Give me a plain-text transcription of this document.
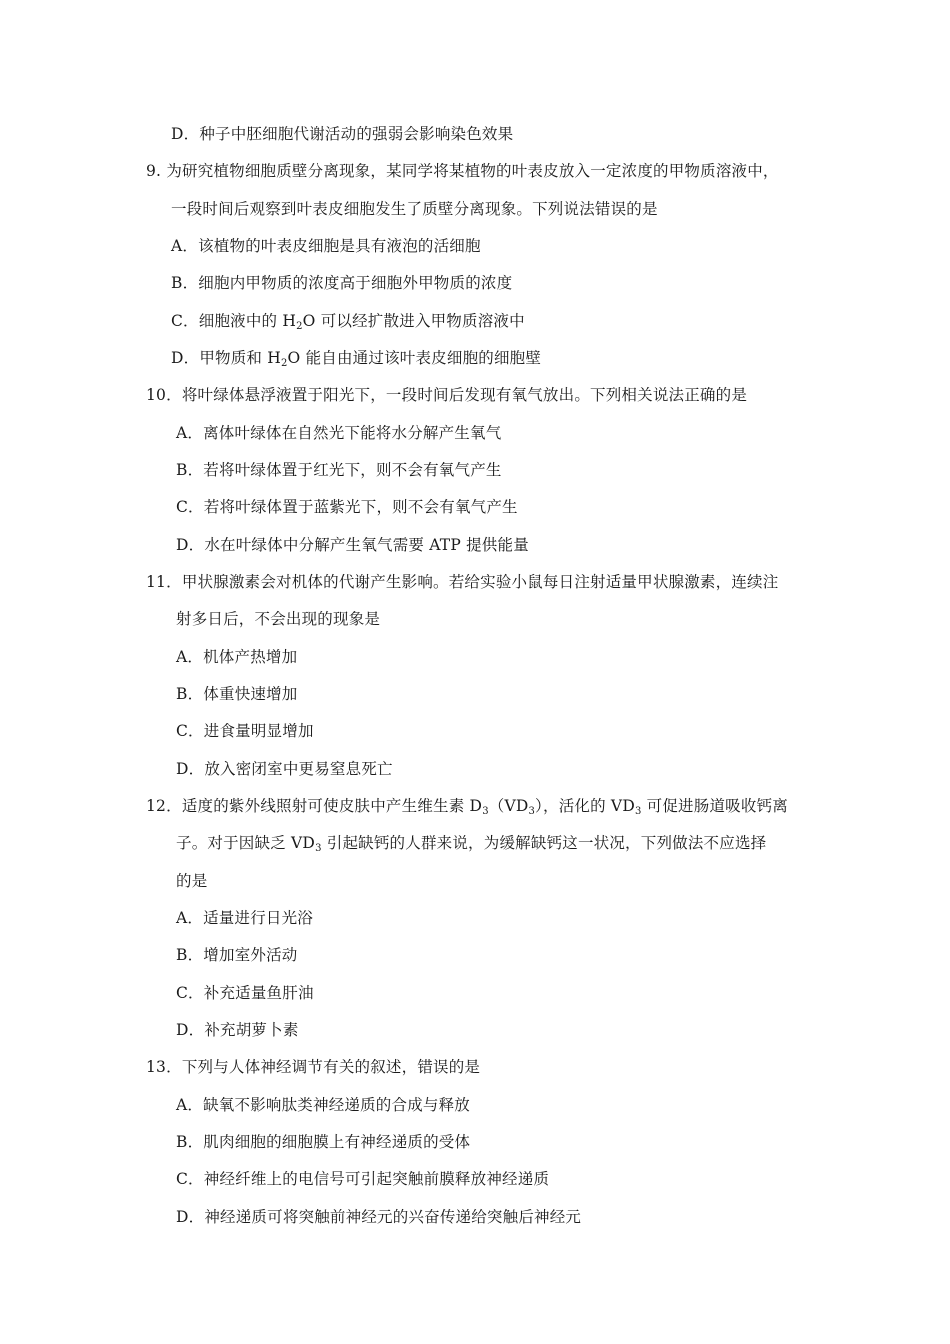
D．种子中胚细胞代谢活动的强弱会影响染色效果
9. 为研究植物细胞质壁分离现象，某同学将某植物的叶表皮放入一定浓度的甲物质溶液中，
一段时间后观察到叶表皮细胞发生了质壁分离现象。下列说法错误的是
A．该植物的叶表皮细胞是具有液泡的活细胞
B．细胞内甲物质的浓度高于细胞外甲物质的浓度
C．细胞液中的 $H_2O$ 可以经扩散进入甲物质溶液中
D．甲物质和 $H_2O$ 能自由通过该叶表皮细胞的细胞壁
10．将叶绿体悬浮液置于阳光下，一段时间后发现有氧气放出。下列相关说法正确的是
A．离体叶绿体在自然光下能将水分解产生氧气
B．若将叶绿体置于红光下，则不会有氧气产生
C．若将叶绿体置于蓝紫光下，则不会有氧气产生
D．水在叶绿体中分解产生氧气需要 ATP 提供能量
11．甲状腺激素会对机体的代谢产生影响。若给实验小鼠每日注射适量甲状腺激素，连续注
射多日后，不会出现的现象是
A．机体产热增加
B．体重快速增加
C．进食量明显增加
D．放入密闭室中更易窒息死亡
12．适度的紫外线照射可使皮肤中产生维生素 $D_3(VD_3)$，活化的 $VD_3$ 可促进肠道吸收钙离
子。对于因缺乏 $VD_3$ 引起缺钙的人群来说，为缓解缺钙这一状况，下列做法不应选择
的是
A．适量进行日光浴
B．增加室外活动
C．补充适量鱼肝油
D．补充胡萝卜素
13．下列与人体神经调节有关的叙述，错误的是
A．缺氧不影响肽类神经递质的合成与释放
B．肌肉细胞的细胞膜上有神经递质的受体
C．神经纤维上的电信号可引起突触前膜释放神经递质
D．神经递质可将突触前神经元的兴奋传递给突触后神经元
